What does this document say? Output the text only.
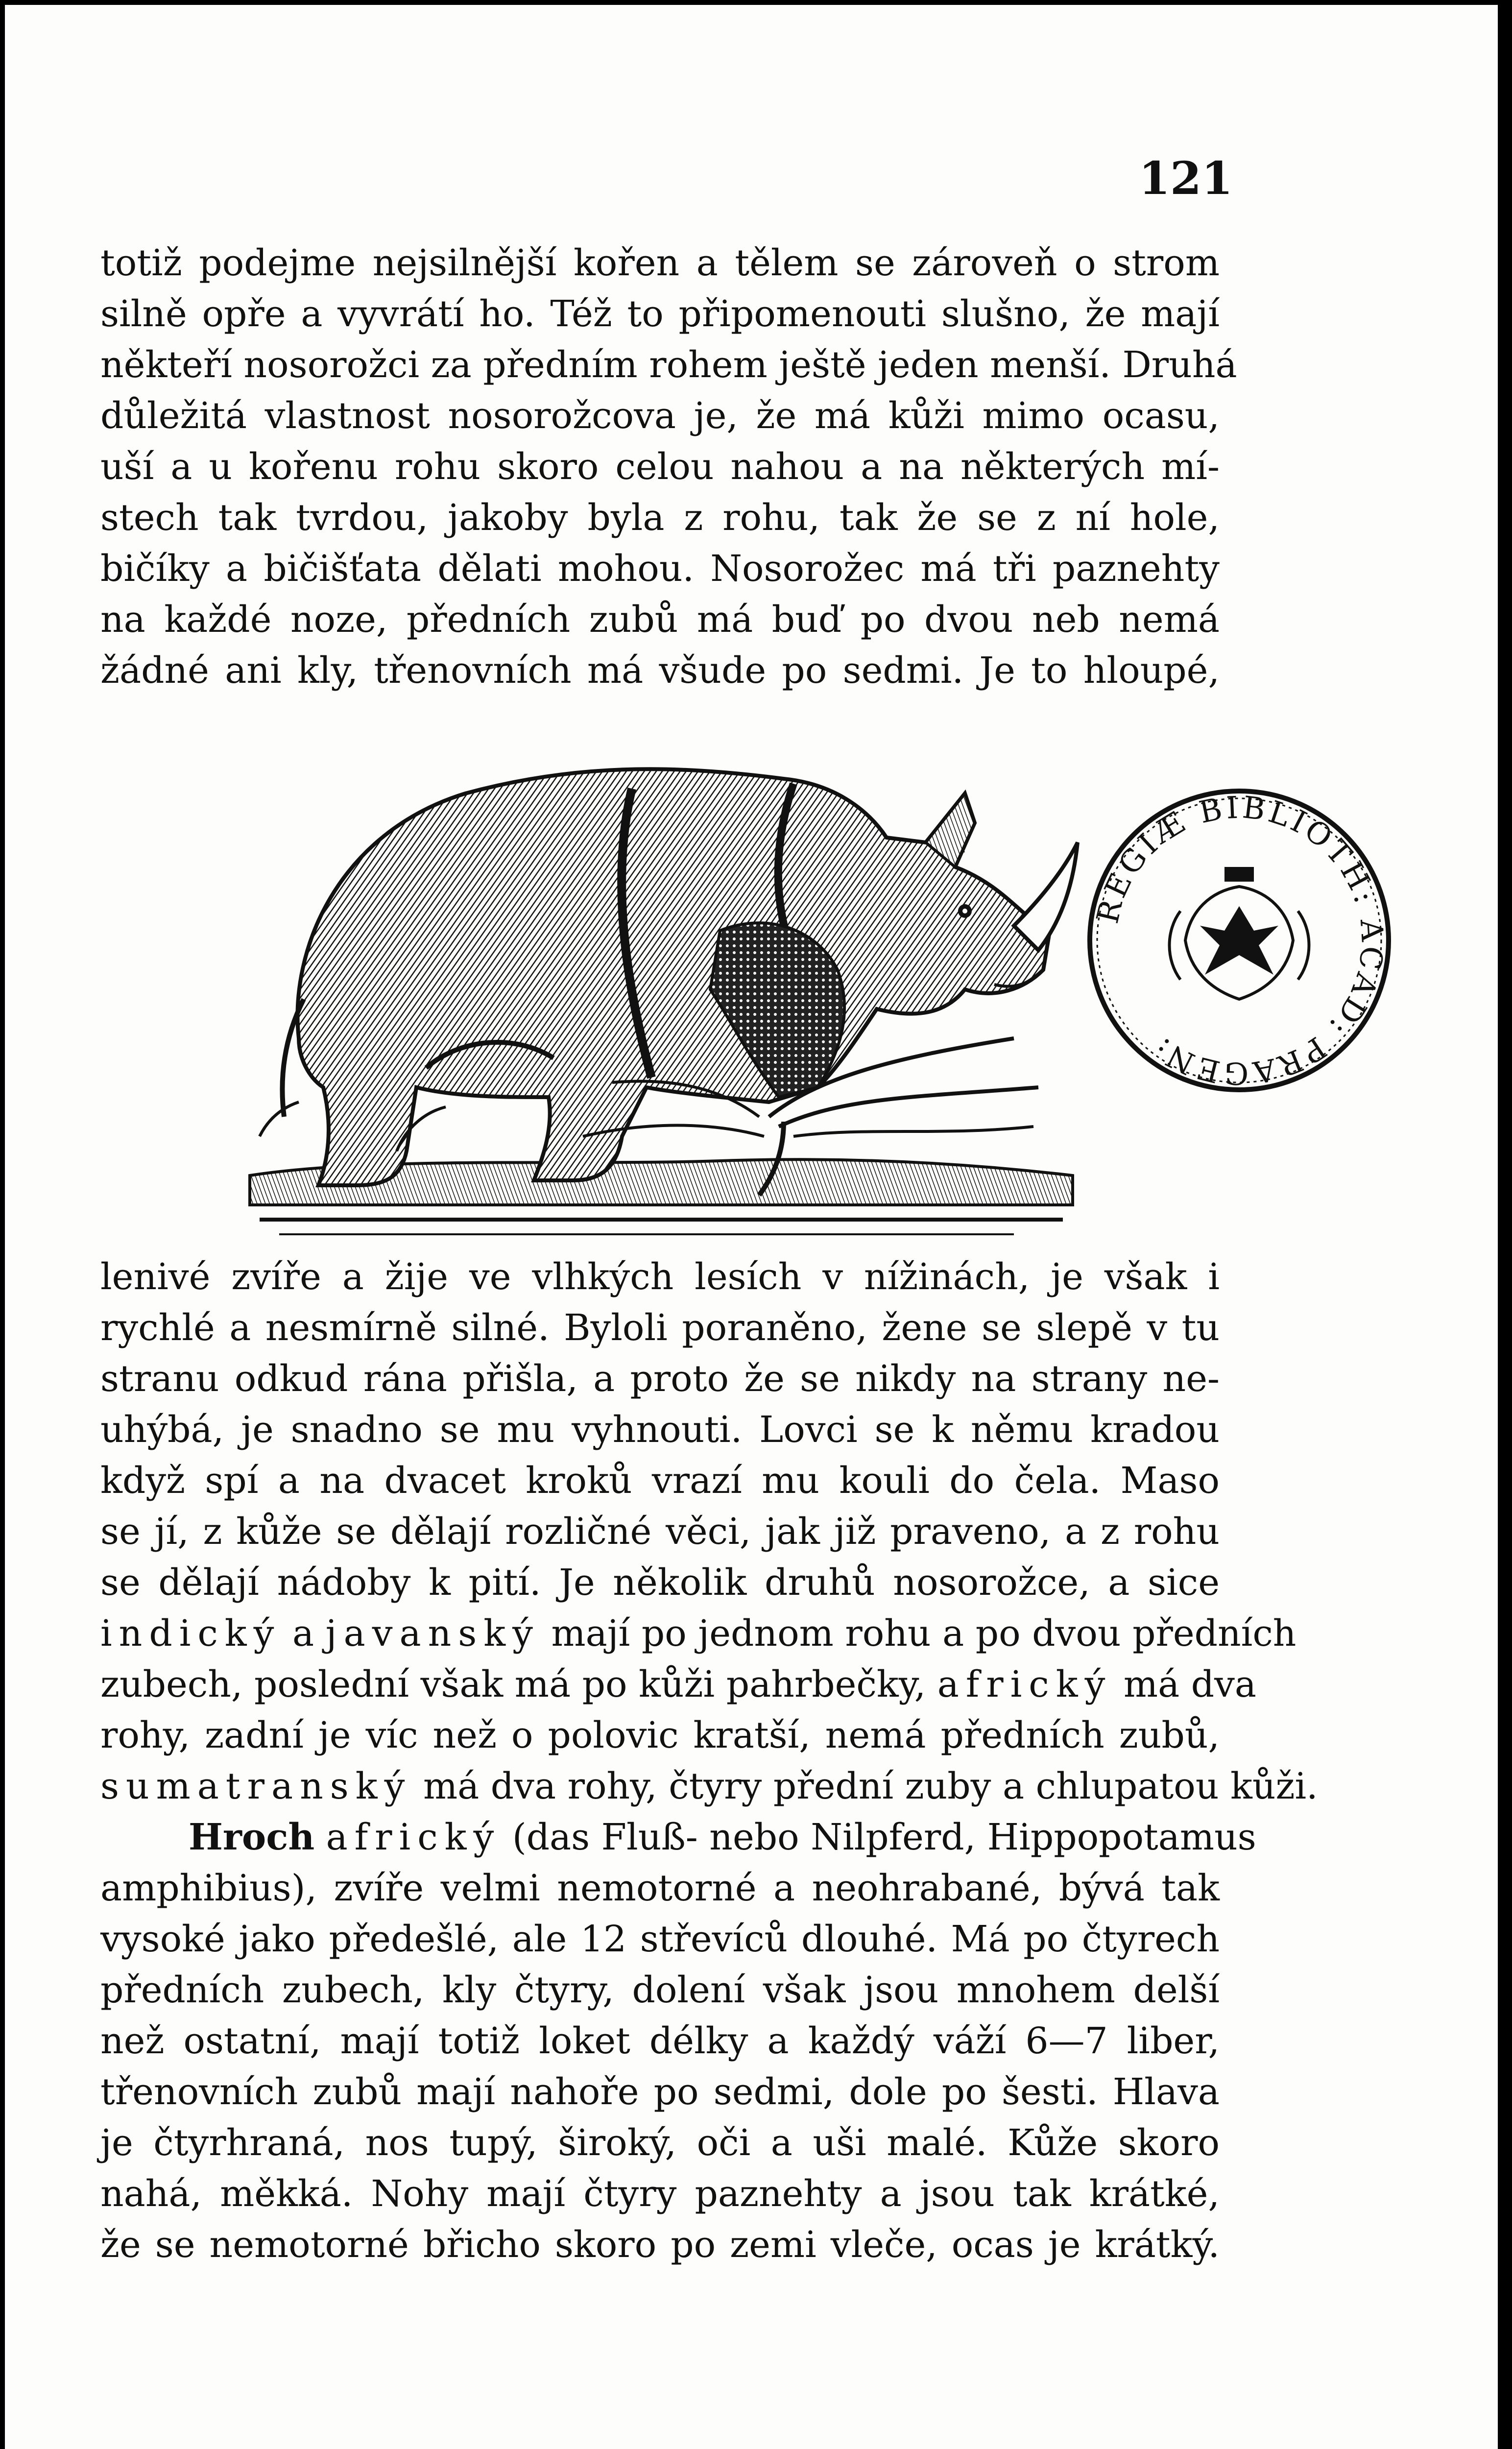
121
totiž podejme nejsilnější kořen a tělem se zároveň o strom
silně opře a vyvrátí ho. Též to připomenouti slušno, že mají
někteří nosorožci za předním rohem ještě jeden menší. Druhá
důležitá vlastnost nosorožcova je, že má kůži mimo ocasu,
uší a u kořenu rohu skoro celou nahou a na některých mí-
stech tak tvrdou, jakoby byla z rohu, tak že se z ní hole,
bičíky a bičišťata dělati mohou. Nosorožec má tři paznehty
na každé noze, předních zubů má buď po dvou neb nemá
žádné ani kly, třenovních má všude po sedmi. Je to hloupé,
REGIÆ BIBLIOTH: ACAD: PRAGEN:
lenivé zvíře a žije ve vlhkých lesích v nížinách, je však i
rychlé a nesmírně silné. Byloli poraněno, žene se slepě v tu
stranu odkud rána přišla, a proto že se nikdy na strany ne-
uhýbá, je snadno se mu vyhnouti. Lovci se k němu kradou
když spí a na dvacet kroků vrazí mu kouli do čela. Maso
se jí, z kůže se dělají rozličné věci, jak již praveno, a z rohu
se dělají nádoby k pití. Je několik druhů nosorožce, a sice
indický a javanský mají po jednom rohu a po dvou předních
zubech, poslední však má po kůži pahrbečky, africký má dva
rohy, zadní je víc než o polovic kratší, nemá předních zubů,
sumatranský má dva rohy, čtyry přední zuby a chlupatou kůži.
Hroch africký (das Fluß- nebo Nilpferd, Hippopotamus
amphibius), zvíře velmi nemotorné a neohrabané, bývá tak
vysoké jako předešlé, ale 12 střevíců dlouhé. Má po čtyrech
předních zubech, kly čtyry, dolení však jsou mnohem delší
než ostatní, mají totiž loket délky a každý váží 6—7 liber,
třenovních zubů mají nahoře po sedmi, dole po šesti. Hlava
je čtyrhraná, nos tupý, široký, oči a uši malé. Kůže skoro
nahá, měkká. Nohy mají čtyry paznehty a jsou tak krátké,
že se nemotorné břicho skoro po zemi vleče, ocas je krátký.
